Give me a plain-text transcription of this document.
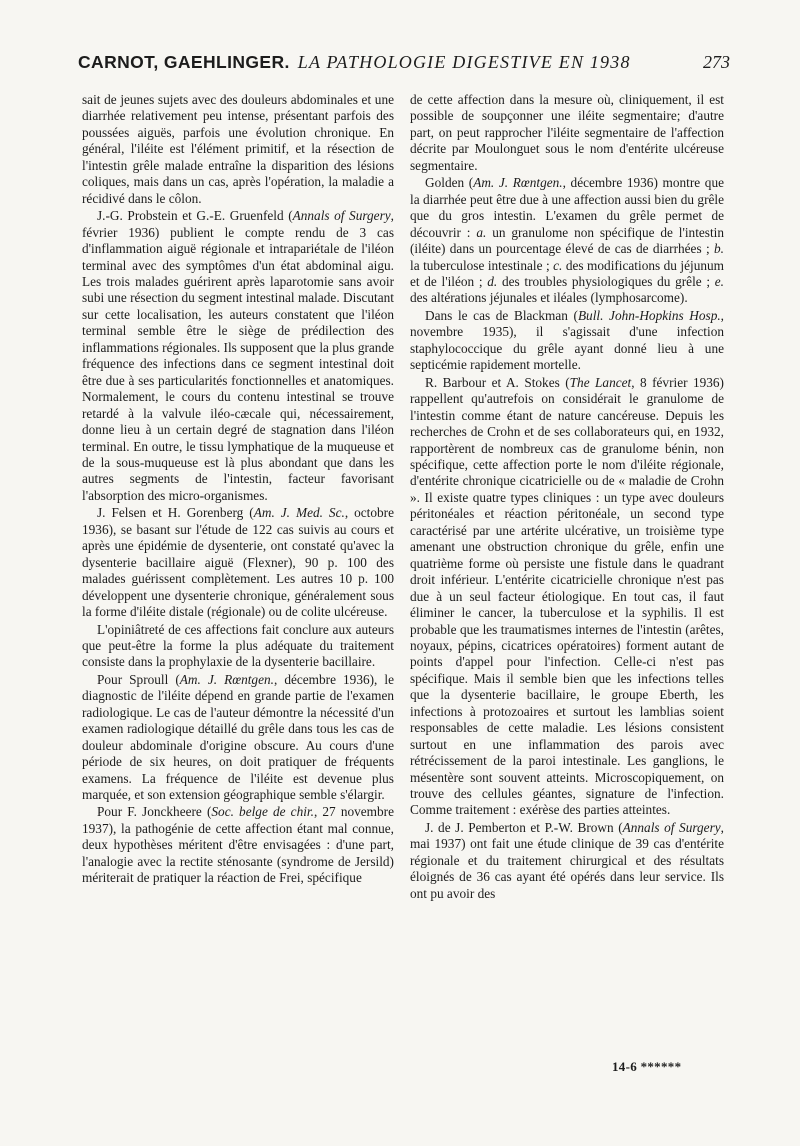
CARNOT, GAEHLINGER. LA PATHOLOGIE DIGESTIVE EN 1938	273

sait de jeunes sujets avec des douleurs abdominales et une diarrhée relativement peu intense, présentant parfois des poussées aiguës, parfois une évolution chronique. En général, l'iléite est l'élément primitif, et la résection de l'intestin grêle malade entraîne la disparition des lésions coliques, mais dans un cas, après l'opération, la maladie a récidivé dans le côlon.

J.-G. Probstein et G.-E. Gruenfeld (Annals of Surgery, février 1936) publient le compte rendu de 3 cas d'inflammation aiguë régionale et intrapariétale de l'iléon terminal avec des symptômes d'un état abdominal aigu. Les trois malades guérirent après laparotomie sans avoir subi une résection du segment intestinal malade. Discutant sur cette localisation, les auteurs constatent que l'iléon terminal semble être le siège de prédilection des inflammations régionales. Ils supposent que la plus grande fréquence des infections dans ce segment intestinal doit être due à ses particularités fonctionnelles et anatomiques. Normalement, le cours du contenu intestinal se trouve retardé à la valvule iléo-cæcale qui, nécessairement, donne lieu à un certain degré de stagnation dans l'iléon terminal. En outre, le tissu lymphatique de la muqueuse et de la sous-muqueuse est là plus abondant que dans les autres segments de l'intestin, facteur favorisant l'absorption des micro-organismes.

J. Felsen et H. Gorenberg (Am. J. Med. Sc., octobre 1936), se basant sur l'étude de 122 cas suivis au cours et après une épidémie de dysenterie, ont constaté qu'avec la dysenterie bacillaire aiguë (Flexner), 90 p. 100 des malades guérissent complètement. Les autres 10 p. 100 développent une dysenterie chronique, généralement sous la forme d'iléite distale (régionale) ou de colite ulcéreuse.

L'opiniâtreté de ces affections fait conclure aux auteurs que peut-être la forme la plus adéquate du traitement consiste dans la prophylaxie de la dysenterie bacillaire.

Pour Sproull (Am. J. Rœntgen., décembre 1936), le diagnostic de l'iléite dépend en grande partie de l'examen radiologique. Le cas de l'auteur démontre la nécessité d'un examen radiologique détaillé du grêle dans tous les cas de douleur abdominale d'origine obscure. Au cours d'une période de six heures, on doit pratiquer de fréquents examens. La fréquence de l'iléite est devenue plus marquée, et son extension géographique semble s'élargir.

Pour F. Jonckheere (Soc. belge de chir., 27 novembre 1937), la pathogénie de cette affection étant mal connue, deux hypothèses méritent d'être envisagées : d'une part, l'analogie avec la rectite sténosante (syndrome de Jersild) mériterait de pratiquer la réaction de Frei, spécifique

de cette affection dans la mesure où, cliniquement, il est possible de soupçonner une iléite segmentaire; d'autre part, on peut rapprocher l'iléite segmentaire de l'affection décrite par Moulonguet sous le nom d'entérite ulcéreuse segmentaire.

Golden (Am. J. Rœntgen., décembre 1936) montre que la diarrhée peut être due à une affection aussi bien du grêle que du gros intestin. L'examen du grêle permet de découvrir : a. un granulome non spécifique de l'intestin (iléite) dans un pourcentage élevé de cas de diarrhées ; b. la tuberculose intestinale ; c. des modifications du jéjunum et de l'iléon ; d. des troubles physiologiques du grêle ; e. des altérations jéjunales et iléales (lymphosarcome).

Dans le cas de Blackman (Bull. John-Hopkins Hosp., novembre 1935), il s'agissait d'une infection staphylococcique du grêle ayant donné lieu à une septicémie rapidement mortelle.

R. Barbour et A. Stokes (The Lancet, 8 février 1936) rappellent qu'autrefois on considérait le granulome de l'intestin comme étant de nature cancéreuse. Depuis les recherches de Crohn et de ses collaborateurs qui, en 1932, rapportèrent de nombreux cas de granulome bénin, non spécifique, cette affection porte le nom d'iléite régionale, d'entérite chronique cicatricielle ou de « maladie de Crohn ». Il existe quatre types cliniques : un type avec douleurs péritonéales et réaction péritonéale, un second type caractérisé par une artérite ulcérative, un troisième type amenant une obstruction chronique du grêle, enfin une quatrième forme où persiste une fistule dans le quadrant droit inférieur. L'entérite cicatricielle chronique n'est pas due à un seul facteur étiologique. En tout cas, il faut éliminer le cancer, la tuberculose et la syphilis. Il est probable que les traumatismes internes de l'intestin (arêtes, noyaux, pépins, cicatrices opératoires) forment autant de points d'appel pour l'infection. Celle-ci n'est pas spécifique. Mais il semble bien que les infections telles que la dysenterie bacillaire, le groupe Eberth, les infections à protozoaires et surtout les lamblias soient responsables de cette maladie. Les lésions consistent surtout en une inflammation des parois avec rétrécissement de la paroi intestinale. Les ganglions, le mésentère sont souvent atteints. Microscopiquement, on trouve des cellules géantes, signature de l'infection. Comme traitement : exérèse des parties atteintes.

J. de J. Pemberton et P.-W. Brown (Annals of Surgery, mai 1937) ont fait une étude clinique de 39 cas d'entérite régionale et du traitement chirurgical et des résultats éloignés de 36 cas ayant été opérés dans leur service. Ils ont pu avoir des

14-6 ******
